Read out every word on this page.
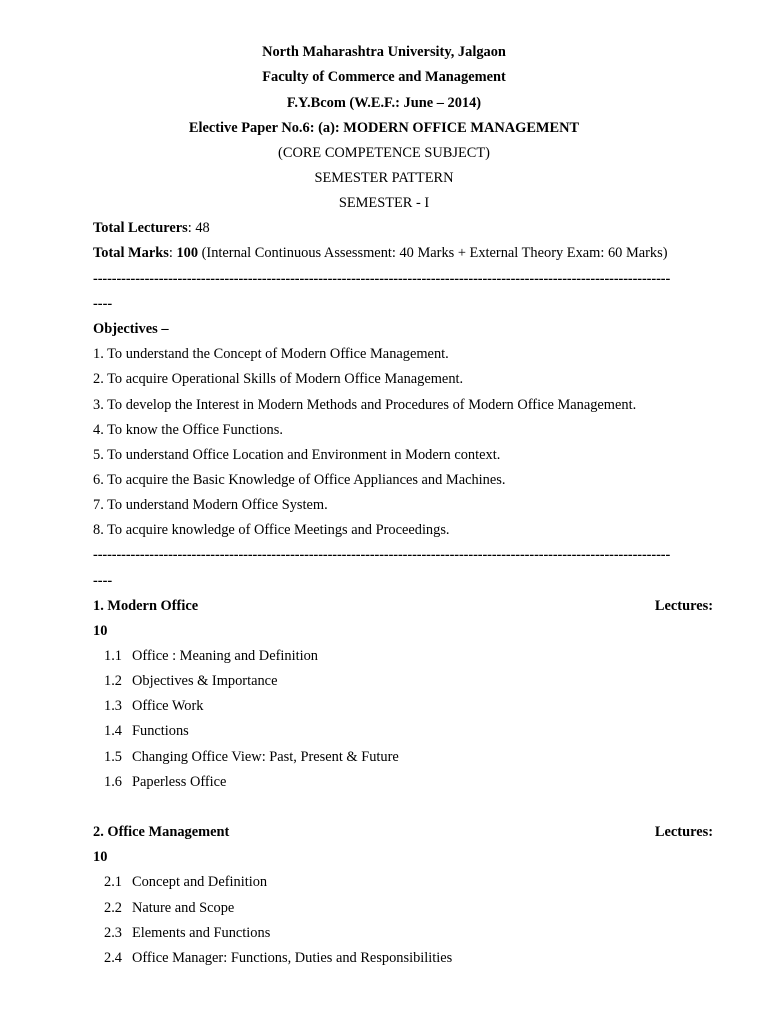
North Maharashtra University, Jalgaon
Faculty of Commerce and Management
F.Y.Bcom (W.E.F.: June – 2014)
Elective Paper No.6: (a): MODERN OFFICE MANAGEMENT
(CORE COMPETENCE SUBJECT)
SEMESTER PATTERN
SEMESTER - I
Total Lecturers: 48
Total Marks: 100 (Internal Continuous Assessment: 40 Marks + External Theory Exam: 60 Marks)
---------------------------------------------------------------------------------------------------------------------------
----
Objectives –
1. To understand the Concept of Modern Office Management.
2. To acquire Operational Skills of Modern Office Management.
3. To develop the Interest in Modern Methods and Procedures of Modern Office Management.
4. To know the Office Functions.
5. To understand Office Location and Environment in Modern context.
6. To acquire the Basic Knowledge of Office Appliances and Machines.
7. To understand Modern Office System.
8. To acquire knowledge of Office Meetings and Proceedings.
---------------------------------------------------------------------------------------------------------------------------
----
1. Modern Office	Lectures:
10
1.1 Office : Meaning and Definition
1.2 Objectives & Importance
1.3 Office Work
1.4 Functions
1.5 Changing Office View: Past, Present & Future
1.6 Paperless Office
2. Office Management	Lectures:
10
2.1 Concept and Definition
2.2 Nature and Scope
2.3 Elements and Functions
2.4 Office Manager: Functions, Duties and Responsibilities
